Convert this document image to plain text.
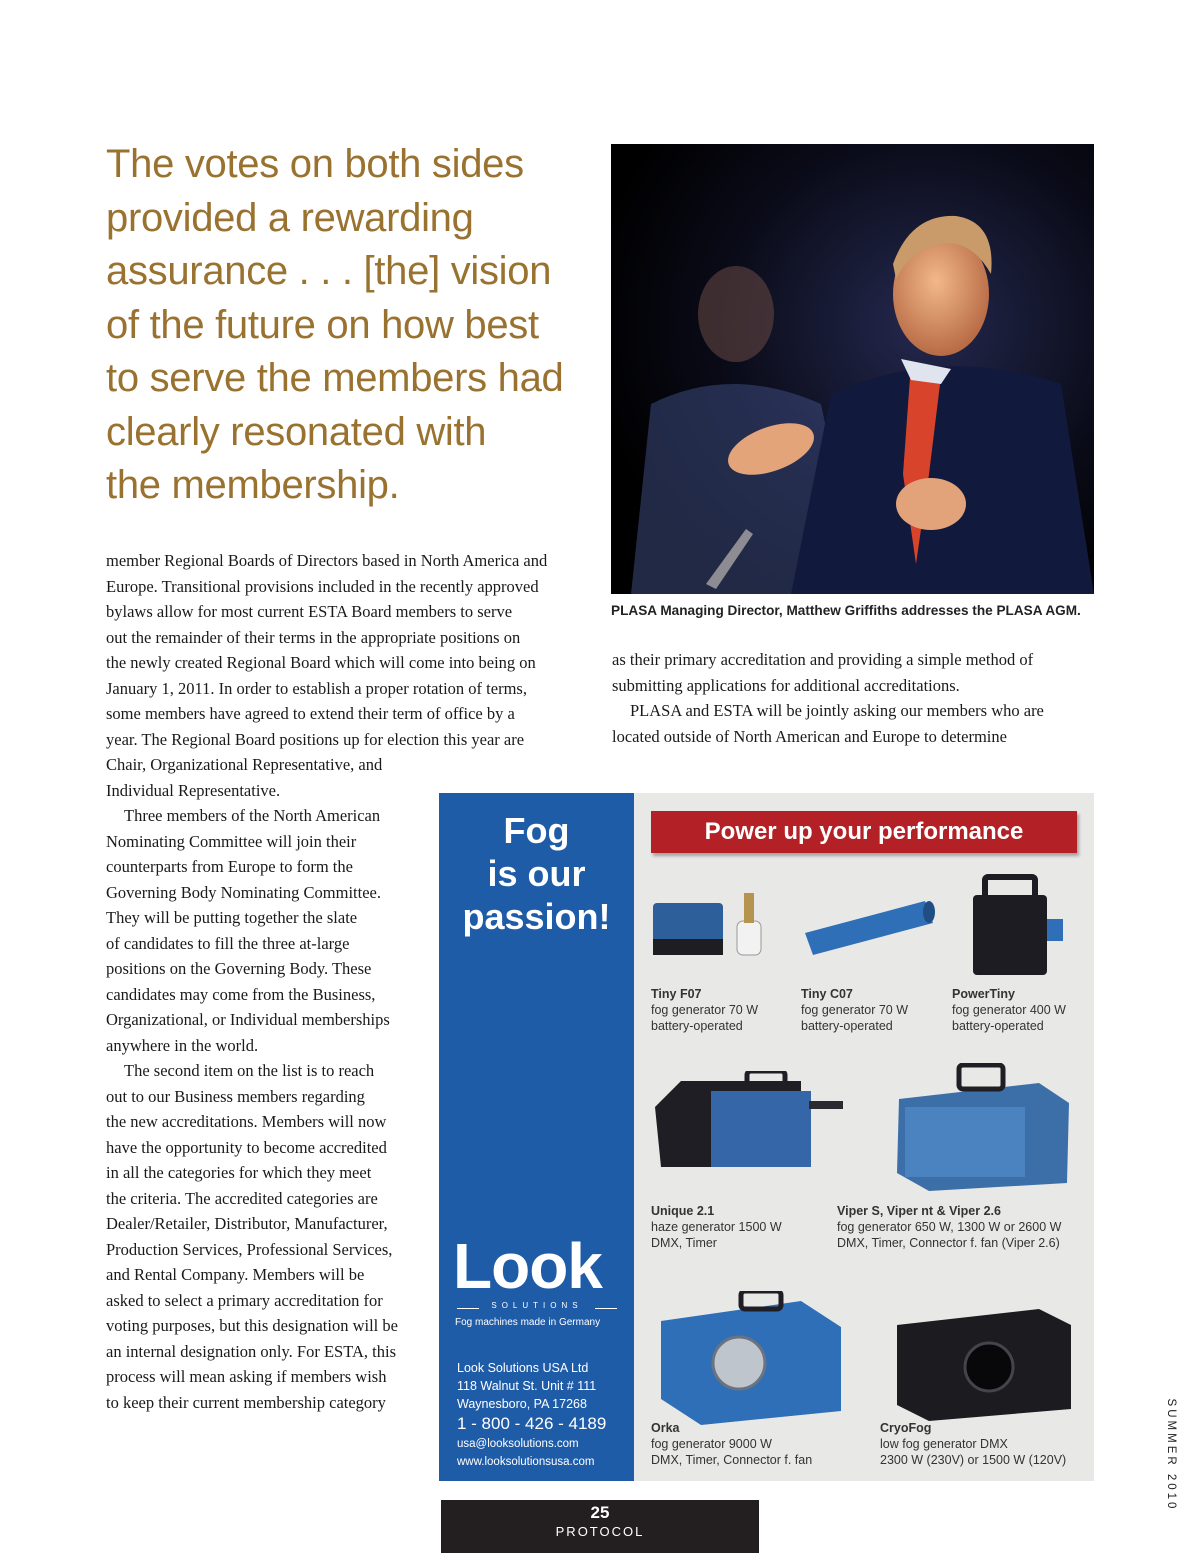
The votes on both sides
provided a rewarding
assurance . . . [the] vision
of the future on how best
to serve the members had
clearly resonated with
the membership.
PLASA Managing Director, Matthew Griffiths addresses the PLASA AGM.

member Regional Boards of Directors based in North America and
Europe. Transitional provisions included in the recently approved
bylaws allow for most current ESTA Board members to serve
out the remainder of their terms in the appropriate positions on
the newly created Regional Board which will come into being on
January 1, 2011. In order to establish a proper rotation of terms,
some members have agreed to extend their term of office by a
year. The Regional Board positions up for election this year are
Chair, Organizational Representative, and
Individual Representative.

Three members of the North American
Nominating Committee will join their
counterparts from Europe to form the
Governing Body Nominating Committee.
They will be putting together the slate
of candidates to fill the three at-large
positions on the Governing Body. These
candidates may come from the Business,
Organizational, or Individual memberships
anywhere in the world.

The second item on the list is to reach
out to our Business members regarding
the new accreditations. Members will now
have the opportunity to become accredited
in all the categories for which they meet
the criteria. The accredited categories are
Dealer/Retailer, Distributor, Manufacturer,
Production Services, Professional Services,
and Rental Company. Members will be
asked to select a primary accreditation for
voting purposes, but this designation will be
an internal designation only. For ESTA, this
process will mean asking if members wish
to keep their current membership category

as their primary accreditation and providing a simple method of
submitting applications for additional accreditations.

PLASA and ESTA will be jointly asking our members who are
located outside of North American and Europe to determine

Fog
is our
passion!
Look
SOLUTIONS
Fog machines made in Germany
Look Solutions USA Ltd
118 Walnut St. Unit # 111
Waynesboro, PA 17268
1 - 800 - 426 - 4189
usa@looksolutions.com
www.looksolutionsusa.com
Power up your performance
Tiny F07
fog generator 70 W
battery-operated
Tiny C07
fog generator 70 W
battery-operated
PowerTiny
fog generator 400 W
battery-operated
Unique 2.1
haze generator 1500 W
DMX, Timer
Viper S, Viper nt & Viper 2.6
fog generator 650 W, 1300 W or 2600 W
DMX, Timer, Connector f. fan (Viper 2.6)
Orka
fog generator 9000 W
DMX, Timer, Connector f. fan
CryoFog
low fog generator DMX
2300 W (230V) or 1500 W (120V)
25
PROTOCOL
SUMMER 2010
